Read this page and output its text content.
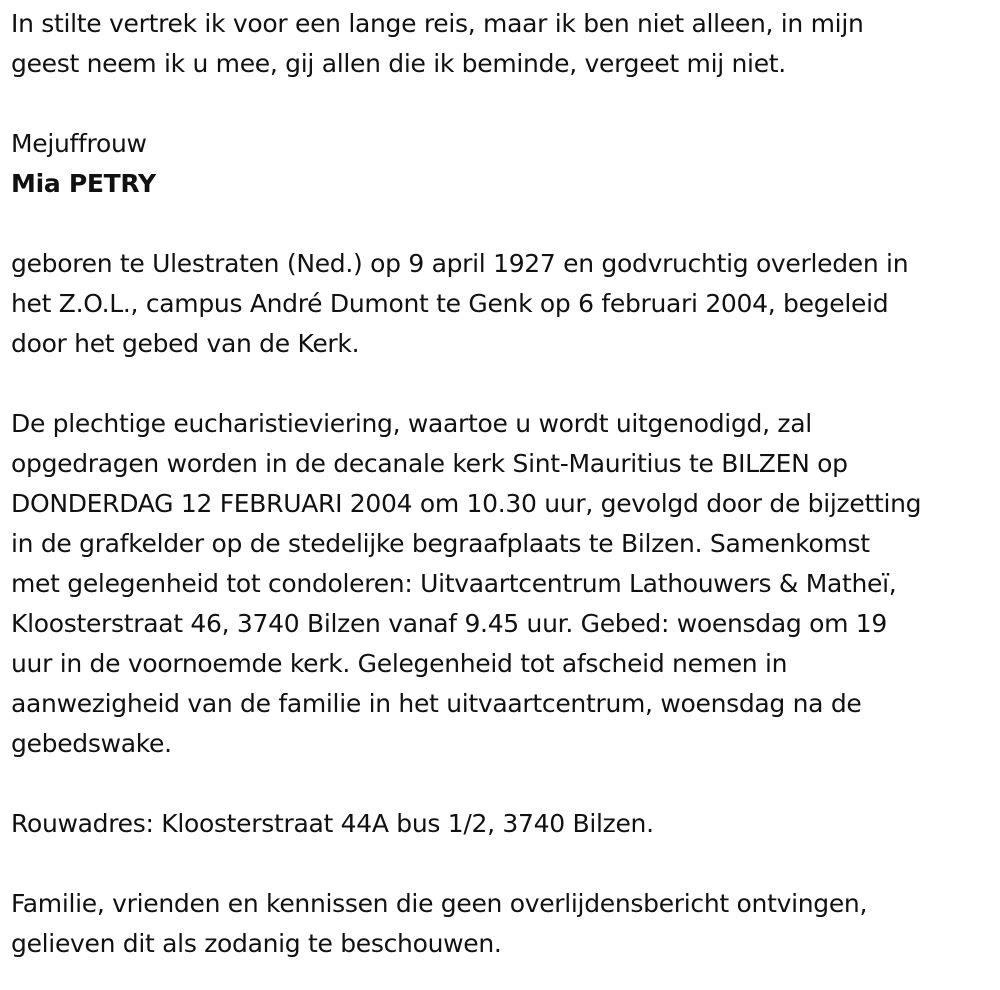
In stilte vertrek ik voor een lange reis, maar ik ben niet alleen, in mijn
geest neem ik u mee, gij allen die ik beminde, vergeet mij niet.
Mejuffrouw
Mia PETRY
geboren te Ulestraten (Ned.) op 9 april 1927 en godvruchtig overleden in
het Z.O.L., campus André Dumont te Genk op 6 februari 2004, begeleid
door het gebed van de Kerk.
De plechtige eucharistieviering, waartoe u wordt uitgenodigd, zal
opgedragen worden in de decanale kerk Sint-Mauritius te BILZEN op
DONDERDAG 12 FEBRUARI 2004 om 10.30 uur, gevolgd door de bijzetting
in de grafkelder op de stedelijke begraafplaats te Bilzen. Samenkomst
met gelegenheid tot condoleren: Uitvaartcentrum Lathouwers & Matheï,
Kloosterstraat 46, 3740 Bilzen vanaf 9.45 uur. Gebed: woensdag om 19
uur in de voornoemde kerk. Gelegenheid tot afscheid nemen in
aanwezigheid van de familie in het uitvaartcentrum, woensdag na de
gebedswake.
Rouwadres: Kloosterstraat 44A bus 1/2, 3740 Bilzen.
Familie, vrienden en kennissen die geen overlijdensbericht ontvingen,
gelieven dit als zodanig te beschouwen.
